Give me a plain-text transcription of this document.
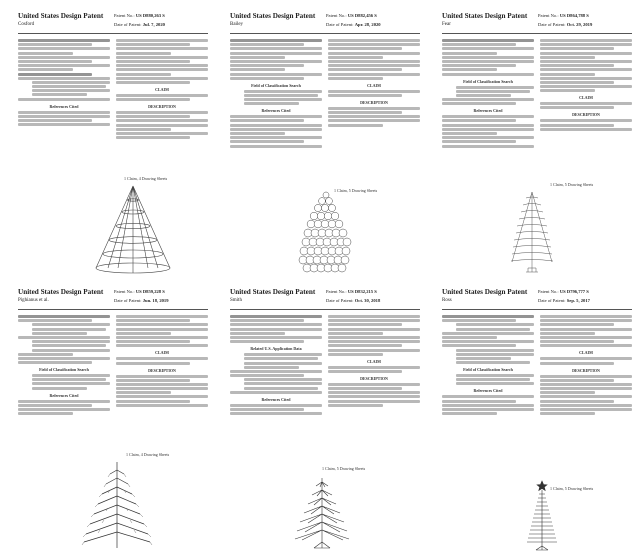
United States Design Patent
Cosford
Patent No.: US D880,263 S
Date of Patent: Jul. 7, 2020
References Cited
CLAIM
DESCRIPTION
1 Claim, 4 Drawing Sheets
United States Design Patent
Bailey
Patent No.: US D882,456 S
Date of Patent: Apr. 28, 2020
Field of Classification Search
References Cited
CLAIM
DESCRIPTION
1 Claim, 5 Drawing Sheets
United States Design Patent
Fear
Patent No.: US D864,788 S
Date of Patent: Oct. 29, 2019
Field of Classification Search
References Cited
CLAIM
DESCRIPTION
1 Claim, 5 Drawing Sheets
United States Design Patent
Pighianus et al.
Patent No.: US D859,228 S
Date of Patent: Jun. 18, 2019
Field of Classification Search
References Cited
CLAIM
DESCRIPTION
1 Claim, 4 Drawing Sheets
United States Design Patent
Smith
Patent No.: US D832,215 S
Date of Patent: Oct. 30, 2018
Related U.S. Application Data
References Cited
CLAIM
DESCRIPTION
1 Claim, 5 Drawing Sheets
United States Design Patent
Ross
Patent No.: US D796,777 S
Date of Patent: Sep. 5, 2017
Field of Classification Search
References Cited
CLAIM
DESCRIPTION
1 Claim, 5 Drawing Sheets
